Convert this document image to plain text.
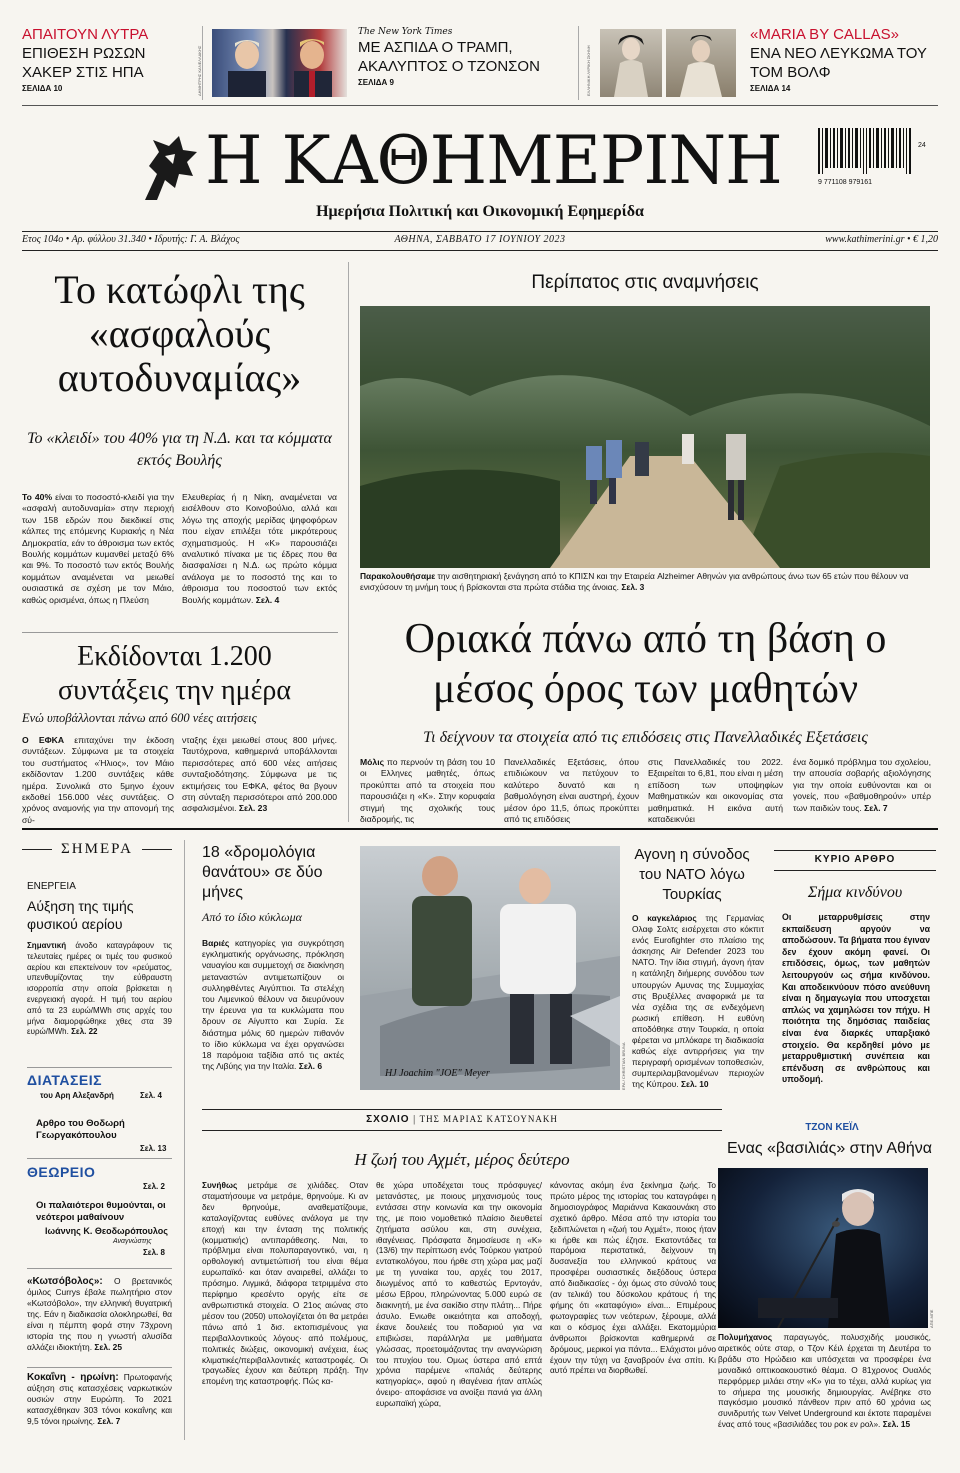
ΑΠΑΙΤΟΥΝ ΛΥΤΡΑ
ΕΠΙΘΕΣΗ ΡΩΣΩΝ ΧΑΚΕΡ ΣΤΙΣ ΗΠΑ
ΣΕΛΙΔΑ 10	ΔΗΜΗΤΡΗΣ ΚΑΝΕΛΛΑΚΗΣ
The New York Times
ΜΕ ΑΣΠΙΔΑ Ο ΤΡΑΜΠ, ΑΚΑΛΥΠΤΟΣ Ο ΤΖΟΝΣΟΝ
ΣΕΛΙΔΑ 9	ΕΛΛΗΝΙΚΗ ΛΥΡΙΚΗ ΣΚΗΝΗ
«MARIA BY CALLAS»
ΕΝΑ ΝΕΟ ΛΕΥΚΩΜΑ ΤΟΥ ΤΟΜ ΒΟΛΦ
ΣΕΛΙΔΑ 14
Η ΚΑΘΗΜΕΡΙΝΗ
Ημερήσια Πολιτική και Οικονομική Εφημερίδα
9 771108 979161
24
Ετος 104ο • Αρ. φύλλου 31.340 • Ιδρυτής: Γ. Α. Βλάχος	ΑΘΗΝΑ, ΣΑΒΒΑΤΟ 17 ΙΟΥΝΙΟΥ 2023	www.kathimerini.gr • € 1,20
Το κατώφλι της «ασφαλούς αυτοδυναμίας»
Το «κλειδί» του 40% για τη Ν.Δ. και τα κόμματα εκτός Βουλής
Το 40% είναι το ποσοστό-κλειδί για την «ασφαλή αυτοδυναμία» στην περιοχή των 158 εδρών που διεκδικεί στις κάλπες της επόμενης Κυριακής η Νέα Δημοκρατία, εάν το άθροισμα των εκτός Βουλής κομμάτων κυμανθεί μεταξύ 6% και 9%. Το ποσοστό των εκτός Βουλής κομμάτων αναμένεται να μειωθεί ουσιαστικά σε σχέση με τον Μάιο, καθώς ορισμένα, όπως η Πλεύση
Ελευθερίας ή η Νίκη, αναμένεται να εισέλθουν στο Κοινοβούλιο, αλλά και λόγω της αποχής μερίδας ψηφοφόρων που είχαν επιλέξει τότε μικρότερους σχηματισμούς. Η «Κ» παρουσιάζει αναλυτικό πίνακα με τις έδρες που θα διασφαλίσει η Ν.Δ. ως πρώτο κόμμα ανάλογα με το ποσοστό της και το άθροισμα του ποσοστού των εκτός Βουλής κομμάτων. Σελ. 4
Περίπατος στις αναμνήσεις
Παρακολουθήσαμε την αισθητηριακή ξενάγηση από το ΚΠΙΣΝ και την Εταιρεία Alzheimer Αθηνών για ανθρώπους άνω των 65 ετών που θέλουν να ενισχύσουν τη μνήμη τους ή βρίσκονται στα πρώτα στάδια της άνοιας. Σελ. 3
Εκδίδονται 1.200 συντάξεις την ημέρα
Ενώ υποβάλλονται πάνω από 600 νέες αιτήσεις
Ο ΕΦΚΑ επιταχύνει την έκδοση συντάξεων. Σύμφωνα με τα στοιχεία του συστήματος «Ήλιος», τον Μάιο εκδίδονταν 1.200 συντάξεις κάθε ημέρα. Συνολικά στο 5μηνο έχουν εκδοθεί 156.000 νέες συντάξεις. Ο χρόνος αναμονής για την απονομή της σύ-
νταξης έχει μειωθεί στους 800 μήνες. Ταυτόχρονα, καθημερινά υποβάλλονται περισσότερες από 600 νέες αιτήσεις συνταξιοδότησης. Σύμφωνα με τις εκτιμήσεις του ΕΦΚΑ, φέτος θα βγουν στη σύνταξη περισσότεροι από 200.000 ασφαλισμένοι. Σελ. 23
Οριακά πάνω από τη βάση ο μέσος όρος των μαθητών
Τι δείχνουν τα στοιχεία από τις επιδόσεις στις Πανελλαδικές Εξετάσεις
Μόλις πο περνούν τη βάση του 10 οι Ελληνες μαθητές, όπως προκύπτει από τα στοιχεία που παρουσιάζει η «Κ». Στην κορυφαία στιγμή της σχολικής τους διαδρομής, τις
Πανελλαδικές Εξετάσεις, όπου επιδιώκουν να πετύχουν το καλύτερο δυνατό και η βαθμολόγηση είναι αυστηρή, έχουν μέσον όρο 11,5, όπως προκύπτει από τις επιδόσεις
στις Πανελλαδικές του 2022. Εξαιρείται το 6,81, που είναι η μέση επίδοση των υποψηφίων Μαθηματικών και οικονομίας στα μαθηματικά. Η εικόνα αυτή καταδεικνύει
ένα δομικό πρόβλημα του σχολείου, την απουσία σοβαρής αξιολόγησης για την οποία ευθύνονται και οι γονείς, που «βαθμοθηρούν» υπέρ των παιδιών τους. Σελ. 7
ΣΗΜΕΡΑ
ΕΝΕΡΓΕΙΑ
Αύξηση της τιμής φυσικού αερίου
Σημαντική άνοδο καταγράφουν τις τελευταίες ημέρες οι τιμές του φυσικού αερίου και επεκτείνουν τον «ρεύματος, υπενθυμίζοντας την εύθραυστη ισορροπία στην οποία βρίσκεται η ενεργειακή αγορά. Η τιμή του αερίου από τα 23 ευρώ/MWh στις αρχές του μήνα διαμορφώθηκε χθες στα 39 ευρώ/MWh. Σελ. 22
ΔΙΑΤΑΣΕΙΣ
του Αρη Αλεξανδρή	Σελ. 4
Αρθρο του Θοδωρή Γεωργακόπουλου
Σελ. 13
ΘΕΩΡΕΙΟ
Σελ. 2
Οι παλαιότεροι θυμούνται, οι νεότεροι μαθαίνουν
Ιωάννης Κ. Θεοδωρόπουλος
Αναγνώστης
Σελ. 8
«Κωτσόβολος»: Ο βρετανικός όμιλος Currys έβαλε πωλητήριο στον «Κωτσόβολο», την ελληνική θυγατρική της. Εάν η διαδικασία ολοκληρωθεί, θα είναι η πέμπτη φορά στην 73χρονη ιστορία της που η γνωστή αλυσίδα αλλάζει ιδιοκτήτη. Σελ. 25
Κοκαΐνη - ηρωίνη: Πρωτοφανής αύξηση στις κατασχέσεις ναρκωτικών ουσιών στην Ευρώπη. Το 2021 κατασχέθηκαν 303 τόνοι κοκαΐνης και 9,5 τόνοι ηρωίνης. Σελ. 7
18 «δρομολόγια θανάτου» σε δύο μήνες
Από το ίδιο κύκλωμα
Βαριές κατηγορίες για συγκρότηση εγκληματικής οργάνωσης, πρόκληση ναυαγίου και συμμετοχή σε διακίνηση μεταναστών αντιμετωπίζουν οι συλληφθέντες Αιγύπτιοι. Τα στελέχη του Λιμενικού θέλουν να διευρύνουν την έρευνα για τα κυκλώματα που δρουν σε Αίγυπτο και Συρία. Σε διάστημα μόλις 60 ημερών πιθανόν το ίδιο κύκλωμα να έχει οργανώσει 18 παρόμοια ταξίδια από τις ακτές της Λιβύης για την Ιταλία. Σελ. 6
HJ Joachim "JOE" Meyer	EPA / CHRISTIAN BRUNA
Αγονη η σύνοδος του ΝΑΤΟ λόγω Τουρκίας
Ο καγκελάριος της Γερμανίας Ολαφ Σολτς εισέρχεται στο κόκπιτ ενός Eurofighter στο πλαίσιο της άσκησης Air Defender 2023 του ΝΑΤΟ. Την ίδια στιγμή, άγονη ήταν η κατάληξη διήμερης συνόδου των υπουργών Αμυνας της Συμμαχίας στις Βρυξέλλες αναφορικά με τα νέα σχέδια της σε ενδεχόμενη ρωσική επίθεση. Η ευθύνη αποδόθηκε στην Τουρκία, η οποία φέρεται να μπλόκαρε τη διαδικασία καθώς είχε αντιρρήσεις για την περιγραφή ορισμένων τοποθεσιών, συμπεριλαμβανομένων περιοχών της Κύπρου. Σελ. 10
ΚΥΡΙΟ ΑΡΘΡΟ
Σήμα κινδύνου
Οι μεταρρυθμίσεις στην εκπαίδευση αργούν να αποδώσουν. Τα βήματα που έγιναν δεν έχουν ακόμη φανεί. Οι επιδόσεις, όμως, των μαθητών λειτουργούν ως σήμα κινδύνου. Και αποδεικνύουν πόσο ανεύθυνη είναι η δημαγωγία που υποσχεται απλώς να χαμηλώσει τον πήχυ. Η ποιότητα της δημόσιας παιδείας είναι ένα διαρκές υπαρξιακό στοιχείο. Θα κερδηθεί μόνο με μεταρρυθμιστική συνέπεια και επένδυση σε ανθρώπους και υποδομή.
ΣΧΟΛΙΟ | ΤΗΣ ΜΑΡΙΑΣ ΚΑΤΣΟΥΝΑΚΗ
Η ζωή του Αχμέτ, μέρος δεύτερο
Συνήθως μετράμε σε χιλιάδες. Οταν σταματήσουμε να μετράμε, θρηνούμε. Κι αν δεν θρηνούμε, αναθεματίζουμε, καταλογίζοντας ευθύνες ανάλογα με την εποχή και την ένταση της πολιτικής (κομματικής) αντιπαράθεσης. Ναι, το πρόβλημα είναι πολυπαραγοντικό, ναι, η ορθολογική αντιμετώπισή του είναι θέμα ευρωπαϊκό· και όταν αναιρεθεί, αλλάζει το πρόσημο. Λιγμικά, διάφορα τετριμμένα στο περίφημο κρεσέντο οργής είτε σε ανθρωπιστικά στοιχεία. Ο 21ος αιώνας στο μέσον του (2050) υπολογίζεται ότι θα μετράει πάνω από 1 δισ. εκτοπισμένους για περιβαλλοντικούς λόγους· από πολέμους, πολιτικές διώξεις, οικονομική ανέχεια, έως κλιματικές/περιβαλλοντικές καταστροφές. Οι τραγωδίες έχουν και δεύτερη πράξη. Την επομένη της καταστροφής. Πώς κα-
θε χώρα υποδέχεται τους πρόσφυγες/μετανάστες, με ποιους μηχανισμούς τους εντάσσει στην κοινωνία και την οικονομία της, με ποιο νομοθετικό πλαίσιο διευθετεί ζητήματα ασύλου και, στη συνέχεια, ιθαγένειας. Πρόσφατα δημοσίευσε η «Κ» (13/6) την περίπτωση ενός Τούρκου γιατρού εντατικολόγου, που ήρθε στη χώρα μας μαζί με τη γυναίκα του, αρχές του 2017, διωγμένος από το καθεστώς Ερντογάν, μέσω Εβρου, πληρώνοντας 5.000 ευρώ σε διακινητή, με ένα σακίδιο στην πλάτη... Πήρε άσυλο. Ενιωθε οικειότητα και αποδοχή, έκανε δουλειές του ποδαριού για να επιβιώσει, παράλληλα με μαθήματα γλώσσας, προετοιμάζοντας την αναγνώριση του πτυχίου του. Ομως ύστερα από επτά χρόνια παρέμενε «παλιάς δεύτερης κατηγορίας», αφού η ιθαγένεια ήταν απλώς όνειρο· αποφάσισε να ανοίξει πανιά για άλλη ευρωπαϊκή χώρα,
κάνοντας ακόμη ένα ξεκίνημα ζωής. Το πρώτο μέρος της ιστορίας του καταγράφει η δημοσιογράφος Μαριάννα Κακαουνάκη στο σχετικό άρθρο. Μέσα από την ιστορία του ξεδιπλώνεται η «ζωή του Αχμέτ», ποιος ήταν κι ήρθε και πώς έζησε. Εκατοντάδες τα παρόμοια περιστατικά, δείχνουν τη δυσανεξία του ελληνικού κράτους να προσφέρει ουσιαστικές διεξόδους ύστερα από διαδικασίες - όχι όμως στο σύνολό τους (αν τελικά) του δύσκολου κράτους ή της φήμης ότι «καταφύγιο» είναι... Επιμέρους φωτογραφίες των νεότερων, ξέρουμε, αλλά και ο κόσμος έχει αλλάξει. Εκατομμύρια άνθρωποι βρίσκονται καθημερινά σε δρόμους, μερικοί για πάντα... Ελάχιστοι μόνο έχουν την τύχη να ξαναβρούν ένα σπίτι. Κι αυτό πρέπει να διορθωθεί.
ΤΖΟΝ ΚΕΪΛ
Ενας «βασιλιάς» στην Αθήνα
ΑΠΕ-ΜΠΕ
Πολυμήχανος παραγωγός, πολυσχιδής μουσικός, αιρετικός ούτε σταρ, ο Τζον Κέιλ έρχεται τη Δευτέρα το βράδυ στο Ηρώδειο και υπόσχεται να προσφέρει ένα μοναδικό οπτικοακουστικό θέαμα. Ο 81χρονος Ουαλός περφόρμερ μιλάει στην «Κ» για το τέχει, αλλά κυρίως για το σήμερα της μουσικής δημιουργίας. Ανέβηκε στο παγκόσμιο μουσικό πάνθεον πριν από 60 χρόνια ως συνιδρυτής των Velvet Underground και έκτοτε παραμένει ένας από τους «βασιλιάδες του ροκ εν ρολ». Σελ. 15
